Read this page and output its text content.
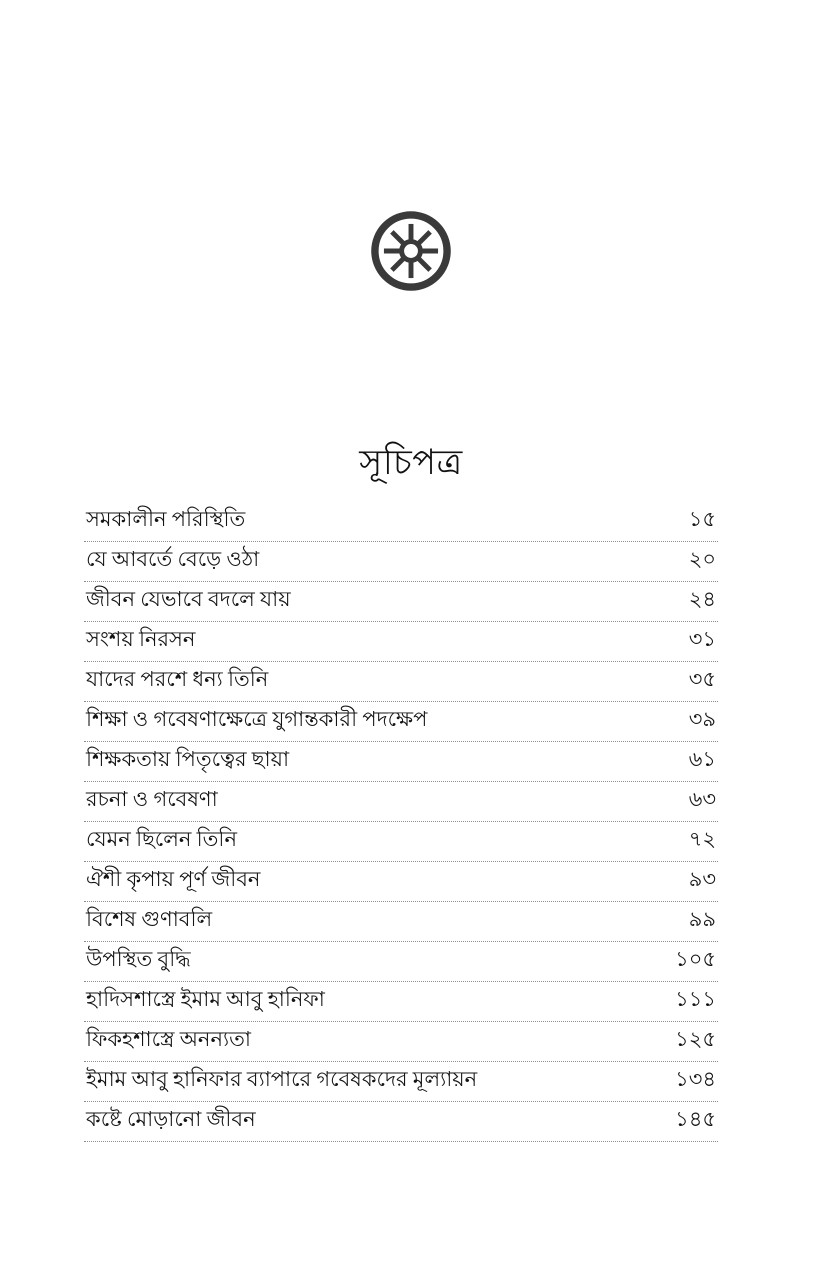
সূচিপত্র
সমকালীন পরিস্থিতি	১৫
যে আবর্তে বেড়ে ওঠা	২০
জীবন যেভাবে বদলে যায়	২৪
সংশয় নিরসন	৩১
যাদের পরশে ধন্য তিনি	৩৫
শিক্ষা ও গবেষণাক্ষেত্রে যুগান্তকারী পদক্ষেপ	৩৯
শিক্ষকতায় পিতৃত্বের ছায়া	৬১
রচনা ও গবেষণা	৬৩
যেমন ছিলেন তিনি	৭২
ঐশী কৃপায় পূর্ণ জীবন	৯৩
বিশেষ গুণাবলি	৯৯
উপস্থিত বুদ্ধি	১০৫
হাদিসশাস্ত্রে ইমাম আবু হানিফা	১১১
ফিকহশাস্ত্রে অনন্যতা	১২৫
ইমাম আবু হানিফার ব্যাপারে গবেষকদের মূল্যায়ন	১৩৪
কষ্টে মোড়ানো জীবন	১৪৫
